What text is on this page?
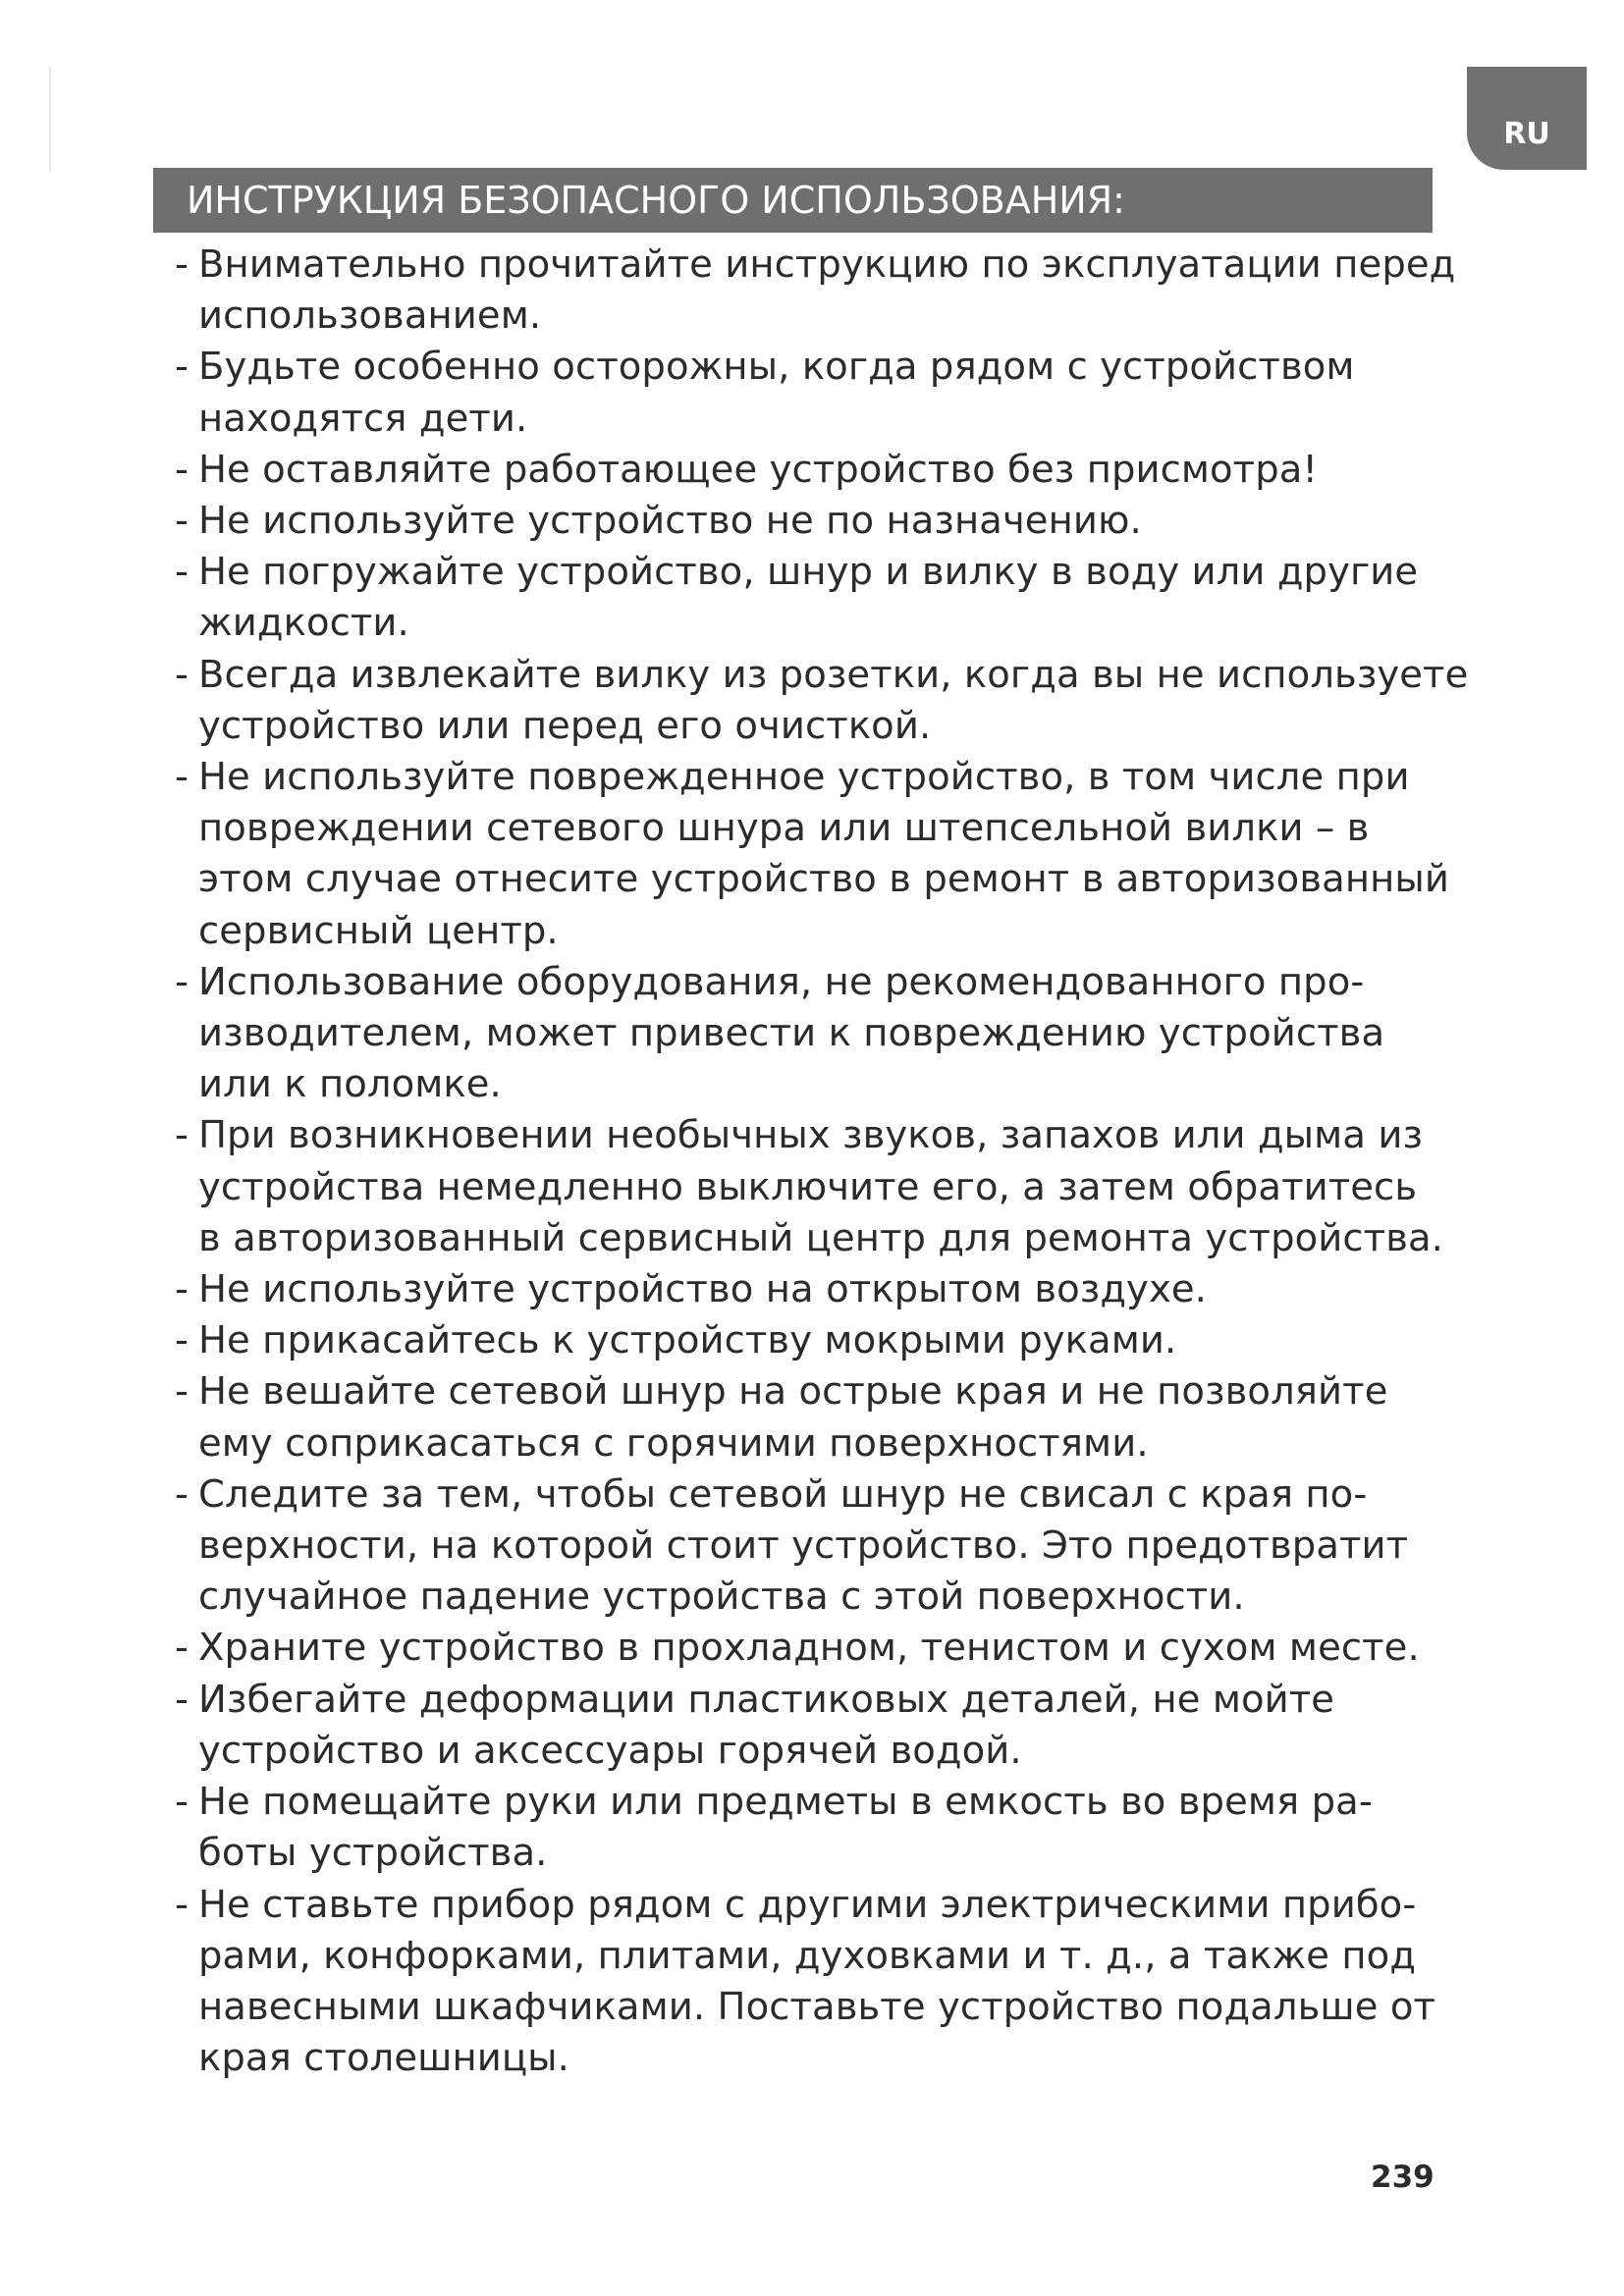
RU
ИНСТРУКЦИЯ БЕЗОПАСНОГО ИСПОЛЬЗОВАНИЯ:
- Внимательно прочитайте инструкцию по эксплуатации перед
использованием.
- Будьте особенно осторожны, когда рядом с устройством
находятся дети.
- Не оставляйте работающее устройство без присмотра!
- Не используйте устройство не по назначению.
- Не погружайте устройство, шнур и вилку в воду или другие
жидкости.
- Всегда извлекайте вилку из розетки, когда вы не используете
устройство или перед его очисткой.
- Не используйте поврежденное устройство, в том числе при
повреждении сетевого шнура или штепсельной вилки – в
этом случае отнесите устройство в ремонт в авторизованный
сервисный центр.
- Использование оборудования, не рекомендованного про-
изводителем, может привести к повреждению устройства
или к поломке.
- При возникновении необычных звуков, запахов или дыма из
устройства немедленно выключите его, а затем обратитесь
в авторизованный сервисный центр для ремонта устройства.
- Не используйте устройство на открытом воздухе.
- Не прикасайтесь к устройству мокрыми руками.
- Не вешайте сетевой шнур на острые края и не позволяйте
ему соприкасаться с горячими поверхностями.
- Следите за тем, чтобы сетевой шнур не свисал с края по-
верхности, на которой стоит устройство. Это предотвратит
случайное падение устройства с этой поверхности.
- Храните устройство в прохладном, тенистом и сухом месте.
- Избегайте деформации пластиковых деталей, не мойте
устройство и аксессуары горячей водой.
- Не помещайте руки или предметы в емкость во время ра-
боты устройства.
- Не ставьте прибор рядом с другими электрическими прибо-
рами, конфорками, плитами, духовками и т. д., а также под
навесными шкафчиками. Поставьте устройство подальше от
края столешницы.
239
